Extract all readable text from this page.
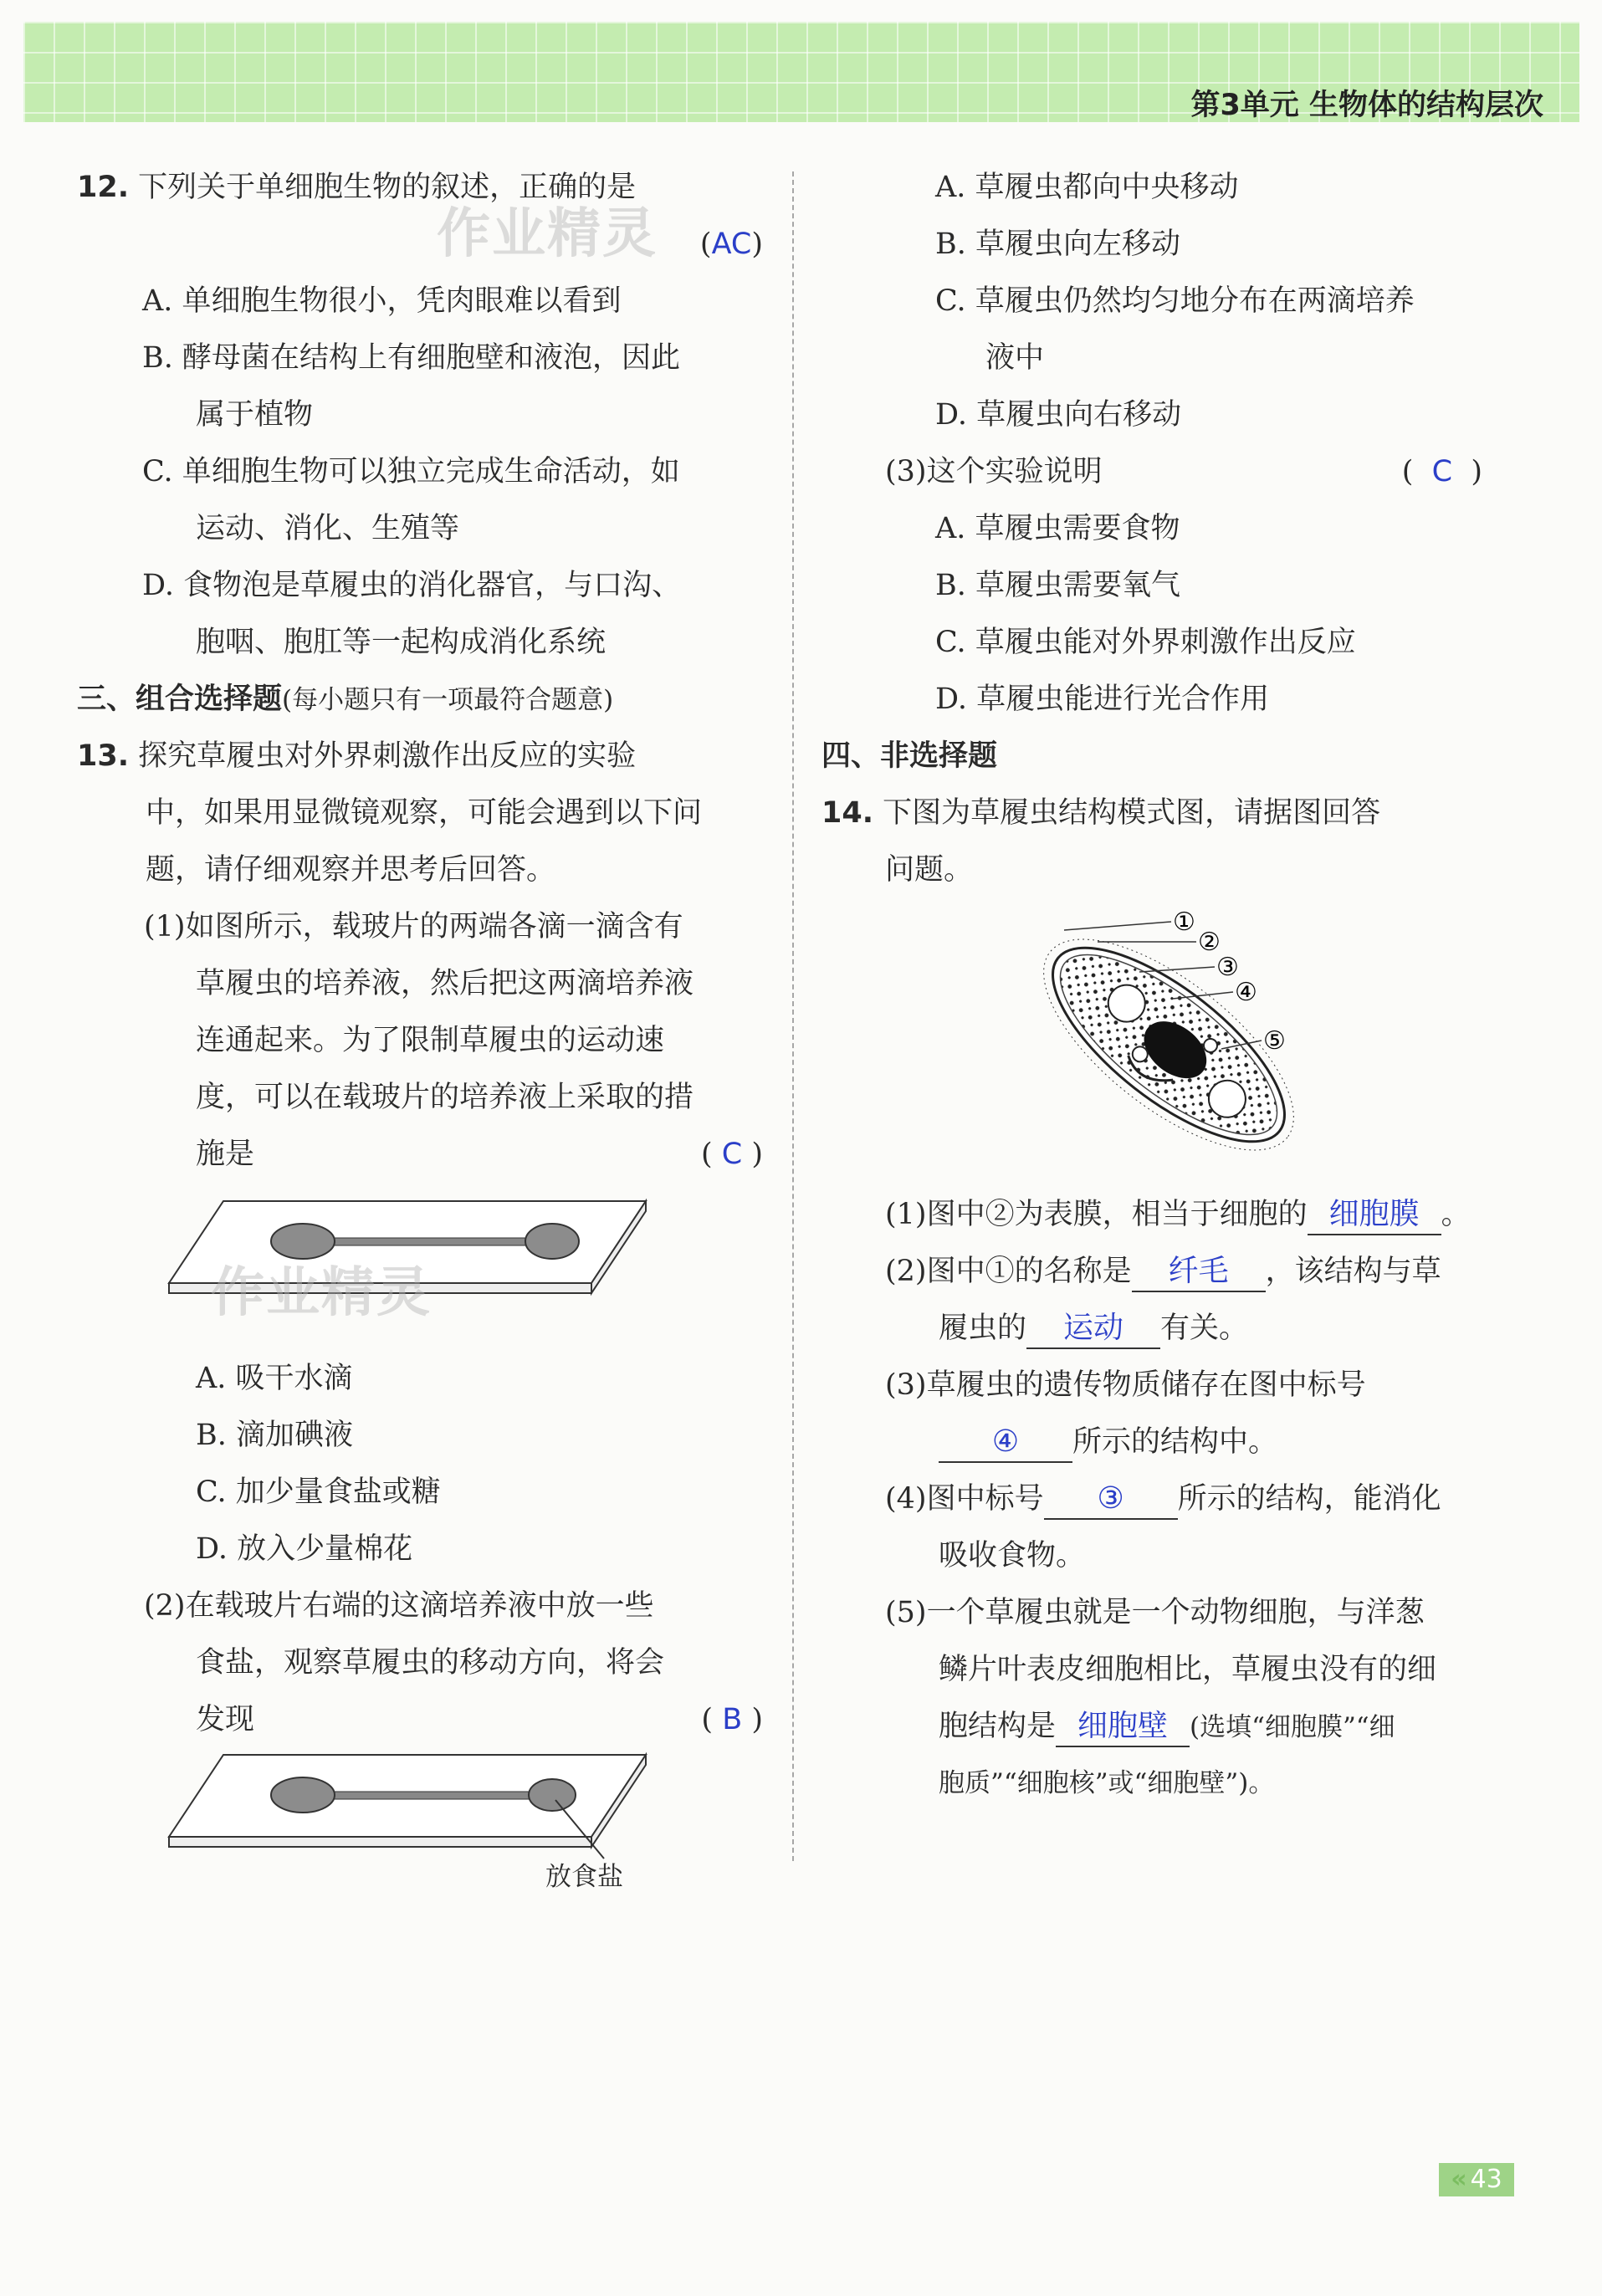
第3单元 生物体的结构层次
12. 下列关于单细胞生物的叙述，正确的是
作业精灵 (AC)
A. 单细胞生物很小，凭肉眼难以看到
B. 酵母菌在结构上有细胞壁和液泡，因此
属于植物
C. 单细胞生物可以独立完成生命活动，如
运动、消化、生殖等
D. 食物泡是草履虫的消化器官，与口沟、
胞咽、胞肛等一起构成消化系统
三、组合选择题(每小题只有一项最符合题意)
13. 探究草履虫对外界刺激作出反应的实验
中，如果用显微镜观察，可能会遇到以下问
题，请仔细观察并思考后回答。
(1)如图所示，载玻片的两端各滴一滴含有
草履虫的培养液，然后把这两滴培养液
连通起来。为了限制草履虫的运动速
度，可以在载玻片的培养液上采取的措
施是	( C )
作业精灵
A. 吸干水滴
B. 滴加碘液
C. 加少量食盐或糖
D. 放入少量棉花
(2)在载玻片右端的这滴培养液中放一些
食盐，观察草履虫的移动方向，将会
发现	( B )
放食盐
A. 草履虫都向中央移动
B. 草履虫向左移动
C. 草履虫仍然均匀地分布在两滴培养
液中
D. 草履虫向右移动
(3)这个实验说明	(  C  )
A. 草履虫需要食物
B. 草履虫需要氧气
C. 草履虫能对外界刺激作出反应
D. 草履虫能进行光合作用
四、非选择题
14. 下图为草履虫结构模式图，请据图回答
问题。
①
②
③
④
⑤
(1)图中②为表膜，相当于细胞的 细胞膜 。
(2)图中①的名称是 纤毛 ，该结构与草
履虫的 运动 有关。
(3)草履虫的遗传物质储存在图中标号
④ 所示的结构中。
(4)图中标号 ③ 所示的结构，能消化
吸收食物。
(5)一个草履虫就是一个动物细胞，与洋葱
鳞片叶表皮细胞相比，草履虫没有的细
胞结构是 细胞壁 (选填“细胞膜”“细
胞质”“细胞核”或“细胞壁”)。
« 43
